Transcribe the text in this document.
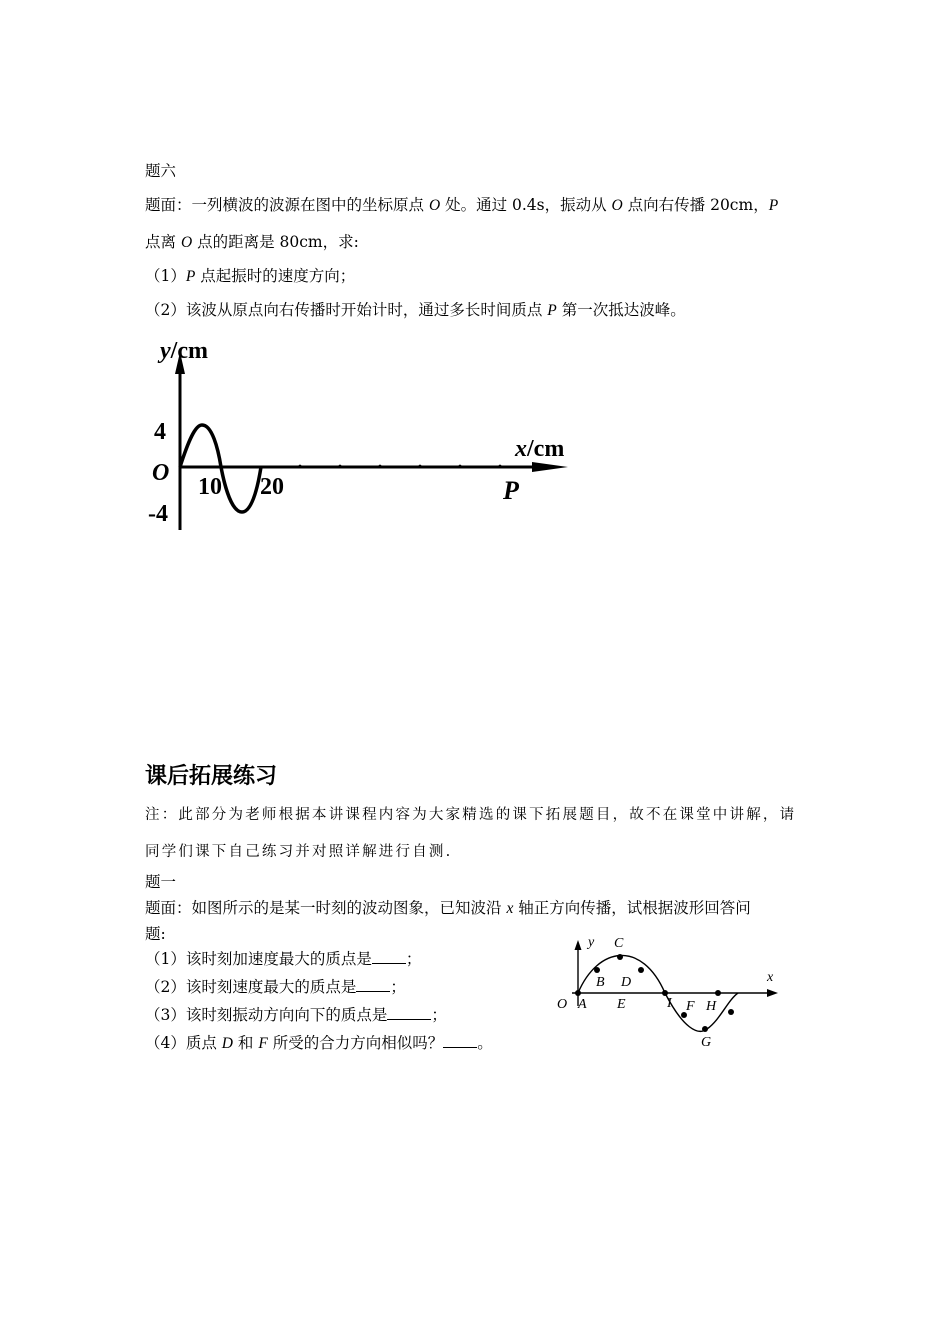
题六
题面：一列横波的波源在图中的坐标原点 O 处。通过 0.4s，振动从 O 点向右传播 20cm，P
点离 O 点的距离是 80cm，求:
（1）P 点起振时的速度方向；
（2）该波从原点向右传播时开始计时，通过多长时间质点 P 第一次抵达波峰。
y/cm
x/cm
O
4
-4
10 20	P
课后拓展练习
注：此部分为老师根据本讲课程内容为大家精选的课下拓展题目，故不在课堂中讲解，请
同学们课下自己练习并对照详解进行自测.
题一
题面：如图所示的是某一时刻的波动图象，已知波沿 x 轴正方向传播，试根据波形回答问
题:
（1）该时刻加速度最大的质点是 ；
（2）该时刻速度最大的质点是 ；
（3）该时刻振动方向向下的质点是	；
（4）质点 D 和 F 所受的合力方向相似吗？ 。
y
x
O A
B
C
D
E	I F H
G
